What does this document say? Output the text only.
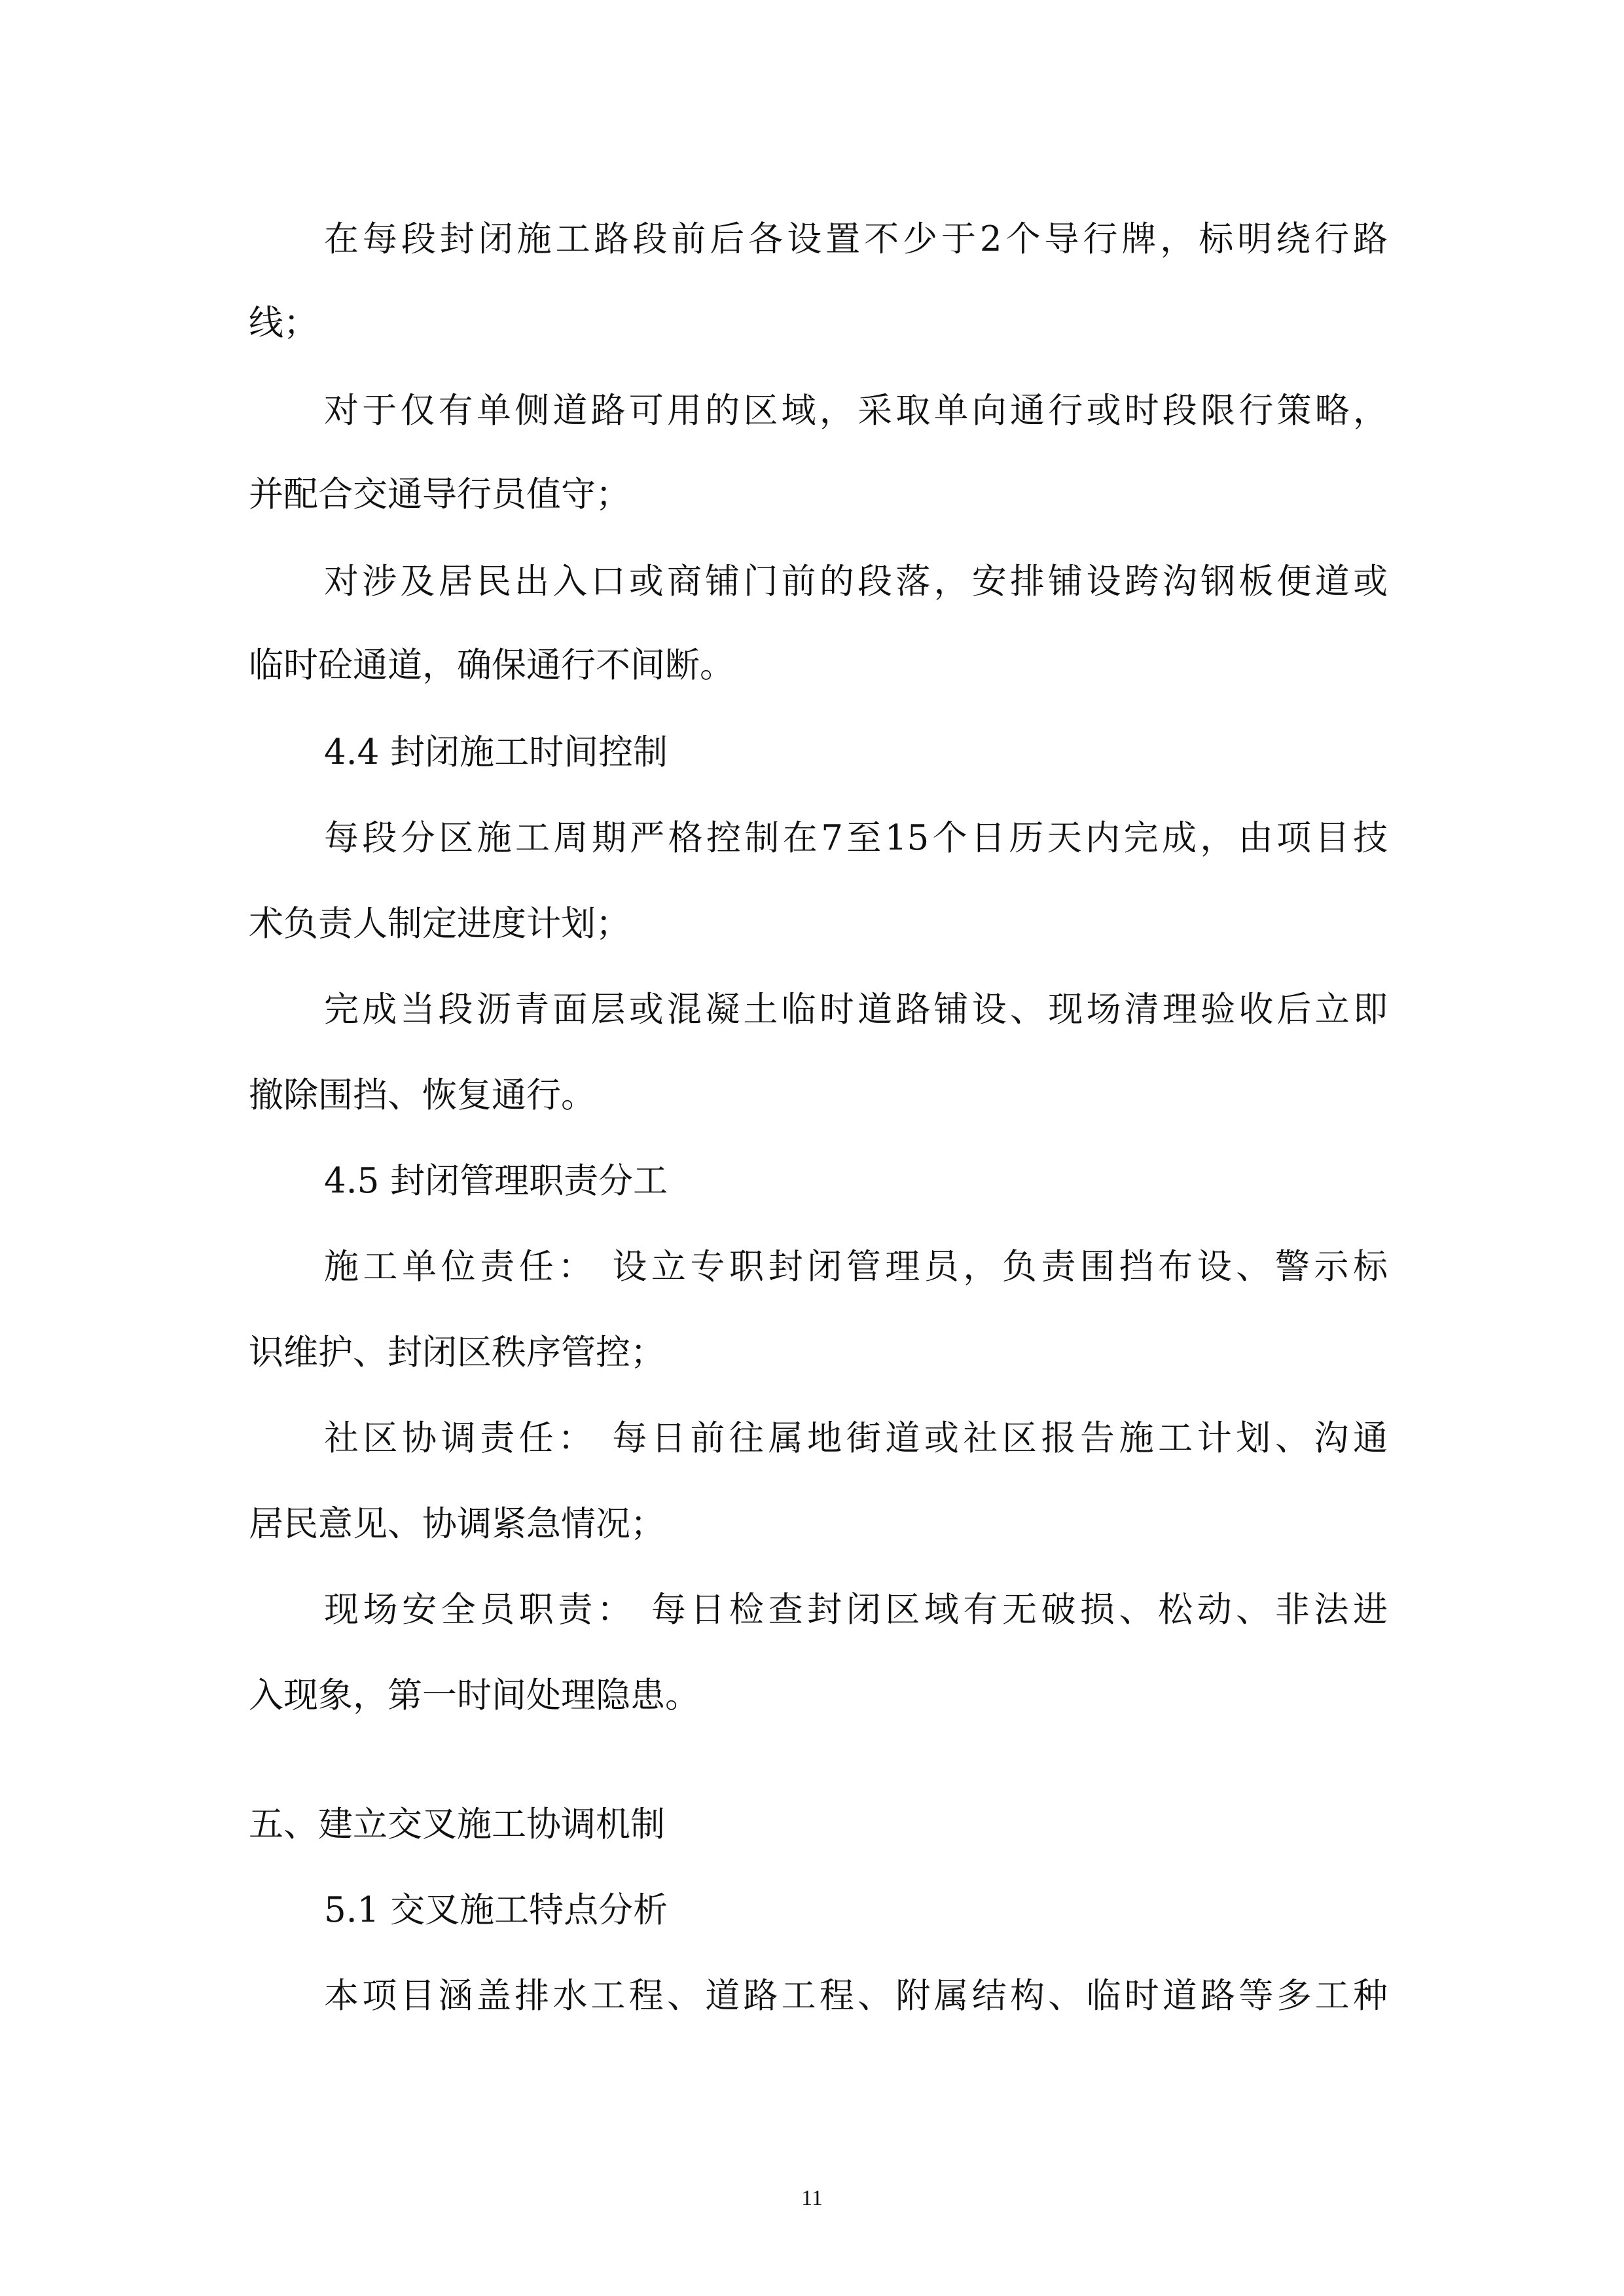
在每段封闭施工路段前后各设置不少于2个导行牌，标明绕行路
线；
对于仅有单侧道路可用的区域，采取单向通行或时段限行策略，
并配合交通导行员值守；
对涉及居民出入口或商铺门前的段落，安排铺设跨沟钢板便道或
临时砼通道，确保通行不间断。
4.4 封闭施工时间控制
每段分区施工周期严格控制在7至15个日历天内完成，由项目技
术负责人制定进度计划；
完成当段沥青面层或混凝土临时道路铺设、现场清理验收后立即
撤除围挡、恢复通行。
4.5 封闭管理职责分工
施工单位责任： 设立专职封闭管理员，负责围挡布设、警示标
识维护、封闭区秩序管控；
社区协调责任： 每日前往属地街道或社区报告施工计划、沟通
居民意见、协调紧急情况；
现场安全员职责： 每日检查封闭区域有无破损、松动、非法进
入现象，第一时间处理隐患。
五、建立交叉施工协调机制
5.1 交叉施工特点分析
本项目涵盖排水工程、道路工程、附属结构、临时道路等多工种
11
